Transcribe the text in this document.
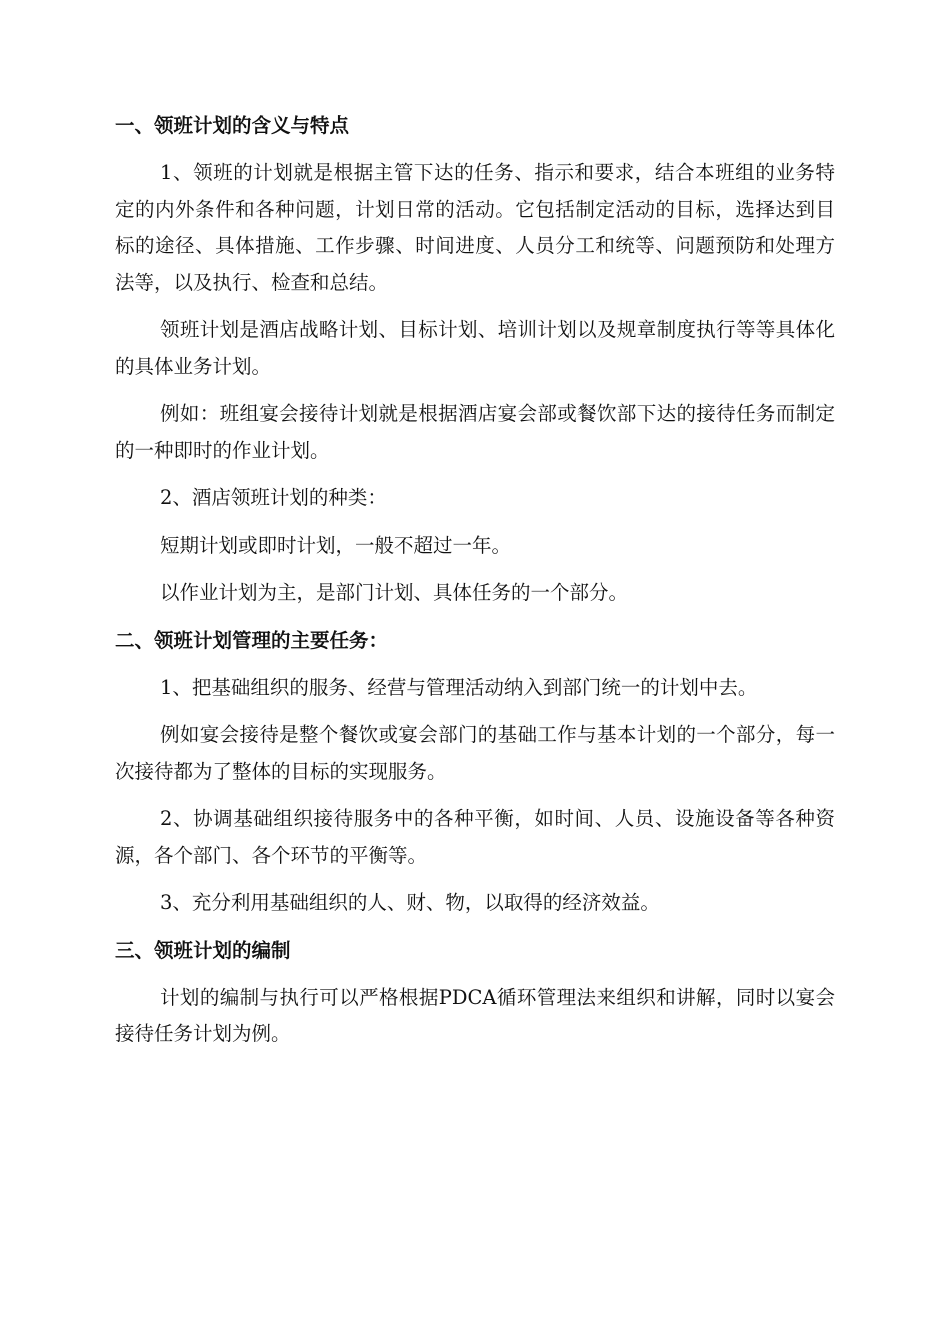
一、领班计划的含义与特点

1、领班的计划就是根据主管下达的任务、指示和要求，结合本班组的业务特定的内外条件和各种问题，计划日常的活动。它包括制定活动的目标，选择达到目标的途径、具体措施、工作步骤、时间进度、人员分工和统等、问题预防和处理方法等，以及执行、检查和总结。

领班计划是酒店战略计划、目标计划、培训计划以及规章制度执行等等具体化的具体业务计划。

例如：班组宴会接待计划就是根据酒店宴会部或餐饮部下达的接待任务而制定的一种即时的作业计划。

2、酒店领班计划的种类：

短期计划或即时计划，一般不超过一年。

以作业计划为主，是部门计划、具体任务的一个部分。

二、领班计划管理的主要任务：

1、把基础组织的服务、经营与管理活动纳入到部门统一的计划中去。

例如宴会接待是整个餐饮或宴会部门的基础工作与基本计划的一个部分，每一次接待都为了整体的目标的实现服务。

2、协调基础组织接待服务中的各种平衡，如时间、人员、设施设备等各种资源，各个部门、各个环节的平衡等。

3、充分利用基础组织的人、财、物，以取得的经济效益。

三、领班计划的编制

计划的编制与执行可以严格根据PDCA循环管理法来组织和讲解，同时以宴会接待任务计划为例。
